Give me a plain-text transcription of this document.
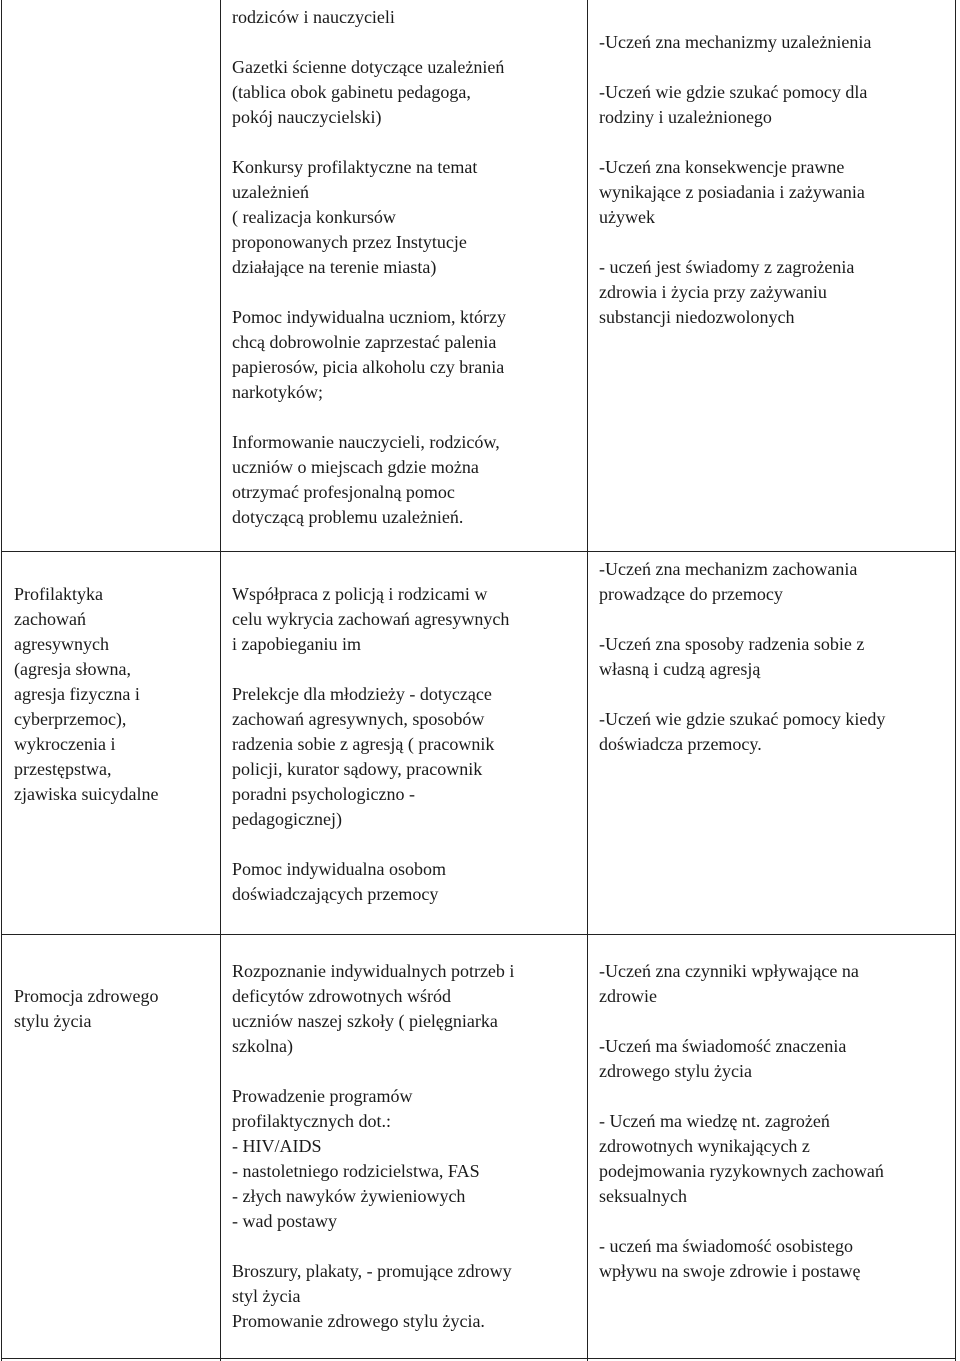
rodziców i nauczycieli

Gazetki ścienne dotyczące uzależnień
(tablica obok gabinetu pedagoga,
pokój nauczycielski)

Konkursy profilaktyczne na temat
uzależnień
( realizacja konkursów
proponowanych przez Instytucje
działające na terenie miasta)

Pomoc indywidualna uczniom, którzy
chcą dobrowolnie zaprzestać palenia
papierosów, picia alkoholu czy brania
narkotyków;

Informowanie nauczycieli, rodziców,
uczniów o miejscach gdzie można
otrzymać profesjonalną pomoc
dotyczącą problemu uzależnień.

-Uczeń zna mechanizmy uzależnienia

-Uczeń wie gdzie szukać pomocy dla
rodziny i uzależnionego

-Uczeń zna konsekwencje prawne
wynikające z posiadania i zażywania
używek

- uczeń jest świadomy z zagrożenia
zdrowia i życia przy zażywaniu
substancji niedozwolonych

Profilaktyka
zachowań
agresywnych
(agresja słowna,
agresja fizyczna i
cyberprzemoc),
wykroczenia i
przestępstwa,
zjawiska suicydalne

Współpraca z policją i rodzicami w
celu wykrycia zachowań agresywnych
i zapobieganiu im

Prelekcje dla młodzieży - dotyczące
zachowań agresywnych, sposobów
radzenia sobie z agresją ( pracownik
policji, kurator sądowy, pracownik
poradni psychologiczno -
pedagogicznej)

Pomoc indywidualna osobom
doświadczających przemocy

-Uczeń zna mechanizm zachowania
prowadzące do przemocy

-Uczeń zna sposoby radzenia sobie z
własną i cudzą agresją

-Uczeń wie gdzie szukać pomocy kiedy
doświadcza przemocy.

Promocja zdrowego
stylu życia

Rozpoznanie indywidualnych potrzeb i
deficytów zdrowotnych wśród
uczniów naszej szkoły ( pielęgniarka
szkolna)

Prowadzenie programów
profilaktycznych dot.:
- HIV/AIDS
- nastoletniego rodzicielstwa, FAS
- złych nawyków żywieniowych
- wad postawy

Broszury, plakaty, - promujące zdrowy
styl życia
Promowanie zdrowego stylu życia.

-Uczeń zna czynniki wpływające na
zdrowie

-Uczeń ma świadomość znaczenia
zdrowego stylu życia

- Uczeń ma wiedzę nt. zagrożeń
zdrowotnych wynikających z
podejmowania ryzykownych zachowań
seksualnych

- uczeń ma świadomość osobistego
wpływu na swoje zdrowie i postawę
